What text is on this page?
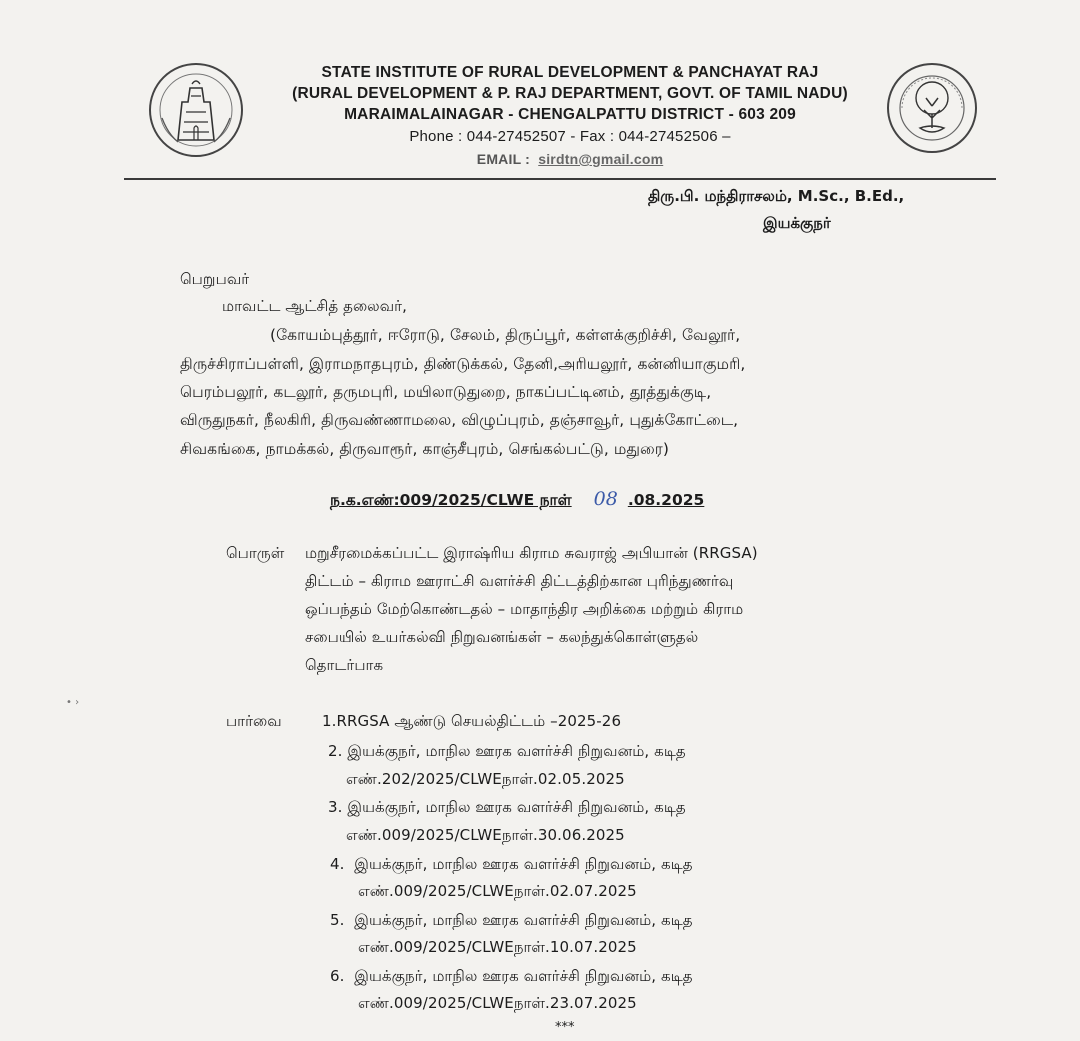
STATE INSTITUTE OF RURAL DEVELOPMENT & PANCHAYAT RAJ
(RURAL DEVELOPMENT & P. RAJ DEPARTMENT, GOVT. OF TAMIL NADU)
MARAIMALAINAGAR - CHENGALPATTU DISTRICT - 603 209
Phone : 044-27452507 - Fax : 044-27452506 –
EMAIL : sirdtn@gmail.com
திரு.பி. மந்திராசலம், M.Sc., B.Ed.,
இயக்குநர்
பெறுபவர்
மாவட்ட ஆட்சித் தலைவர்,
(கோயம்புத்தூர், ஈரோடு, சேலம், திருப்பூர், கள்ளக்குறிச்சி, வேலூர்,
திருச்சிராப்பள்ளி, இராமநாதபுரம், திண்டுக்கல், தேனி,அரியலூர், கன்னியாகுமரி,
பெரம்பலூர், கடலூர், தருமபுரி, மயிலாடுதுறை, நாகப்பட்டினம், தூத்துக்குடி,
விருதுநகர், நீலகிரி, திருவண்ணாமலை, விழுப்புரம், தஞ்சாவூர், புதுக்கோட்டை,
சிவகங்கை, நாமக்கல், திருவாரூர், காஞ்சீபுரம், செங்கல்பட்டு, மதுரை)
ந.க.எண்:009/2025/CLWE நாள் 08 .08.2025
பொருள் மறுசீரமைக்கப்பட்ட இராஷ்ரிய கிராம சுவராஜ் அபியான் (RRGSA)
திட்டம் – கிராம ஊராட்சி வளர்ச்சி திட்டத்திற்கான புரிந்துணர்வு
ஒப்பந்தம் மேற்கொண்டதல் – மாதாந்திர அறிக்கை மற்றும் கிராம
சபையில் உயர்கல்வி நிறுவனங்கள் – கலந்துக்கொள்ளுதல்
தொடர்பாக
• ›
பார்வை	1.RRGSA ஆண்டு செயல்திட்டம் –2025-26
2. இயக்குநர், மாநில ஊரக வளர்ச்சி நிறுவனம், கடித
எண்.202/2025/CLWEநாள்.02.05.2025
3. இயக்குநர், மாநில ஊரக வளர்ச்சி நிறுவனம், கடித
எண்.009/2025/CLWEநாள்.30.06.2025
4. இயக்குநர், மாநில ஊரக வளர்ச்சி நிறுவனம், கடித
எண்.009/2025/CLWEநாள்.02.07.2025
5. இயக்குநர், மாநில ஊரக வளர்ச்சி நிறுவனம், கடித
எண்.009/2025/CLWEநாள்.10.07.2025
6. இயக்குநர், மாநில ஊரக வளர்ச்சி நிறுவனம், கடித
எண்.009/2025/CLWEநாள்.23.07.2025
***
